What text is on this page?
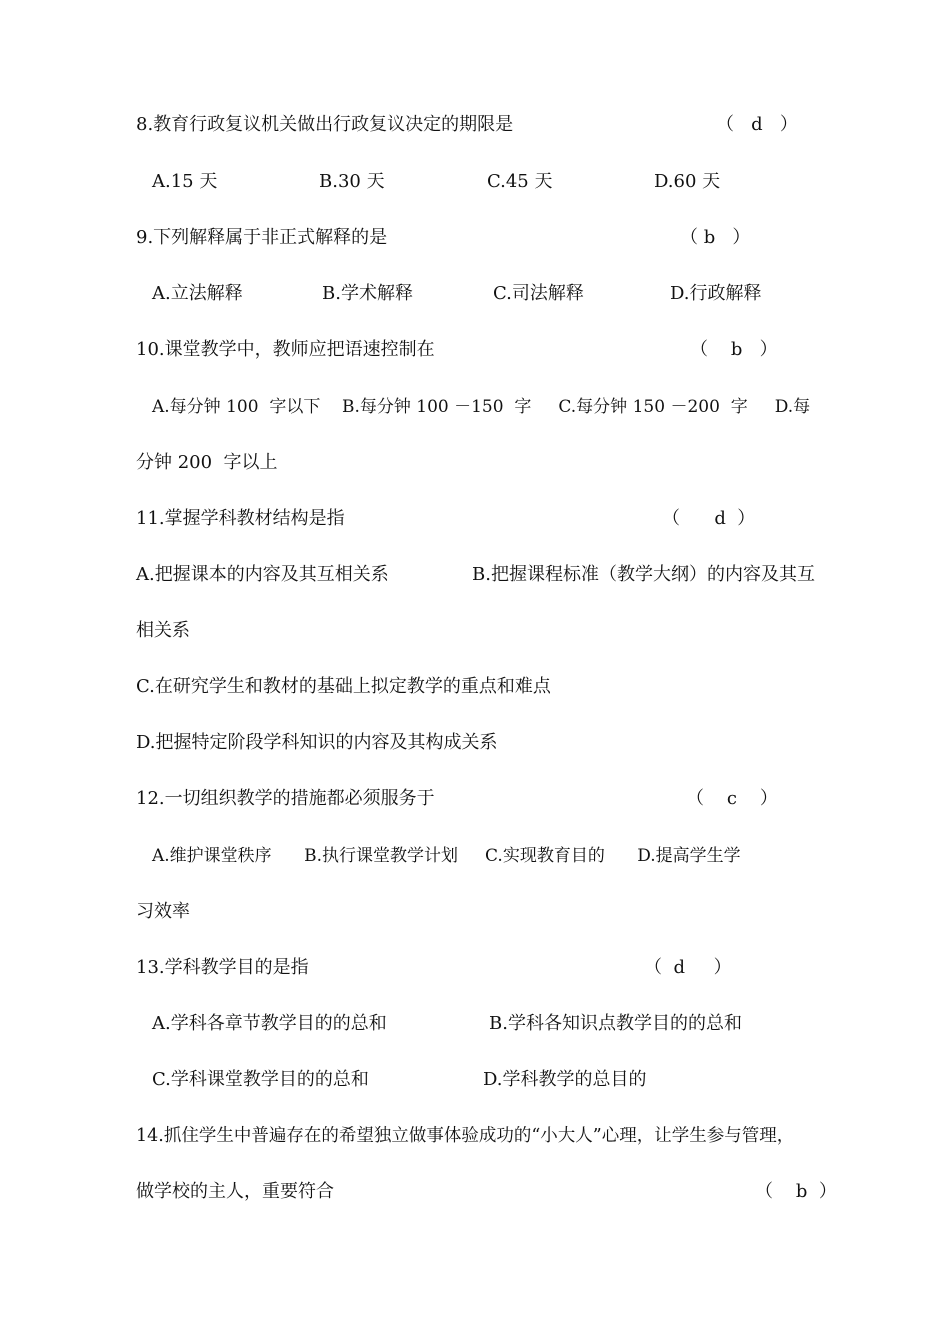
8.教育行政复议机关做出行政复议决定的期限是	（   d   ）
A.15 天	B.30 天	C.45 天	D.60 天
9.下列解释属于非正式解释的是	（ b   ）
A.立法解释	B.学术解释	C.司法解释	D.行政解释
10.课堂教学中，教师应把语速控制在	（    b   ）
A.每分钟 100  字以下    B.每分钟 100 －150  字     C.每分钟 150 －200  字     D.每
分钟 200  字以上
11.掌握学科教材结构是指	（      d  ）
A.把握课本的内容及其互相关系	B.把握课程标准（教学大纲）的内容及其互
相关系
C.在研究学生和教材的基础上拟定教学的重点和难点
D.把握特定阶段学科知识的内容及其构成关系
12.一切组织教学的措施都必须服务于	（    c    ）
A.维护课堂秩序      B.执行课堂教学计划     C.实现教育目的      D.提高学生学
习效率
13.学科教学目的是指	（  d     ）
A.学科各章节教学目的的总和	B.学科各知识点教学目的的总和
C.学科课堂教学目的的总和	D.学科教学的总目的
14.抓住学生中普遍存在的希望独立做事体验成功的“小大人”心理，让学生参与管理，
做学校的主人，重要符合	（    b  ）
